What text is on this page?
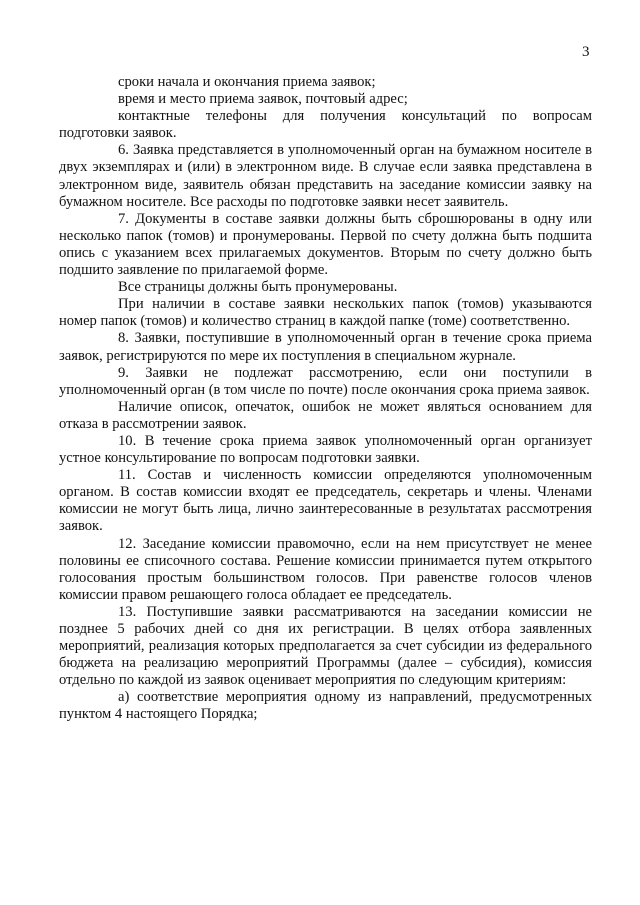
3

сроки начала и окончания приема заявок;

время и место приема заявок, почтовый адрес;

контактные телефоны для получения консультаций по вопросам подготовки заявок.

6. Заявка представляется в уполномоченный орган на бумажном носителе в двух экземплярах и (или) в электронном виде. В случае если заявка представлена в электронном виде, заявитель обязан представить на заседание комиссии заявку на бумажном носителе. Все расходы по подготовке заявки несет заявитель.

7. Документы в составе заявки должны быть сброшюрованы в одну или несколько папок (томов) и пронумерованы. Первой по счету должна быть подшита опись с указанием всех прилагаемых документов. Вторым по счету должно быть подшито заявление по прилагаемой форме.

Все страницы должны быть пронумерованы.

При наличии в составе заявки нескольких папок (томов) указываются номер папок (томов) и количество страниц в каждой папке (томе) соответственно.

8. Заявки, поступившие в уполномоченный орган в течение срока приема заявок, регистрируются по мере их поступления в специальном журнале.

9. Заявки не подлежат рассмотрению, если они поступили в уполномоченный орган (в том числе по почте) после окончания срока приема заявок.

Наличие описок, опечаток, ошибок не может являться основанием для отказа в рассмотрении заявок.

10. В течение срока приема заявок уполномоченный орган организует устное консультирование по вопросам подготовки заявки.

11. Состав и численность комиссии определяются уполномоченным органом. В состав комиссии входят ее председатель, секретарь и члены. Членами комиссии не могут быть лица, лично заинтересованные в результатах рассмотрения заявок.

12. Заседание комиссии правомочно, если на нем присутствует не менее половины ее списочного состава. Решение комиссии принимается путем открытого голосования простым большинством голосов. При равенстве голосов членов комиссии правом решающего голоса обладает ее председатель.

13. Поступившие заявки рассматриваются на заседании комиссии не позднее 5 рабочих дней со дня их регистрации. В целях отбора заявленных мероприятий, реализация которых предполагается за счет субсидии из федерального бюджета на реализацию мероприятий Программы (далее – субсидия), комиссия отдельно по каждой из заявок оценивает мероприятия по следующим критериям:

а) соответствие мероприятия одному из направлений, предусмотренных пунктом 4 настоящего Порядка;
